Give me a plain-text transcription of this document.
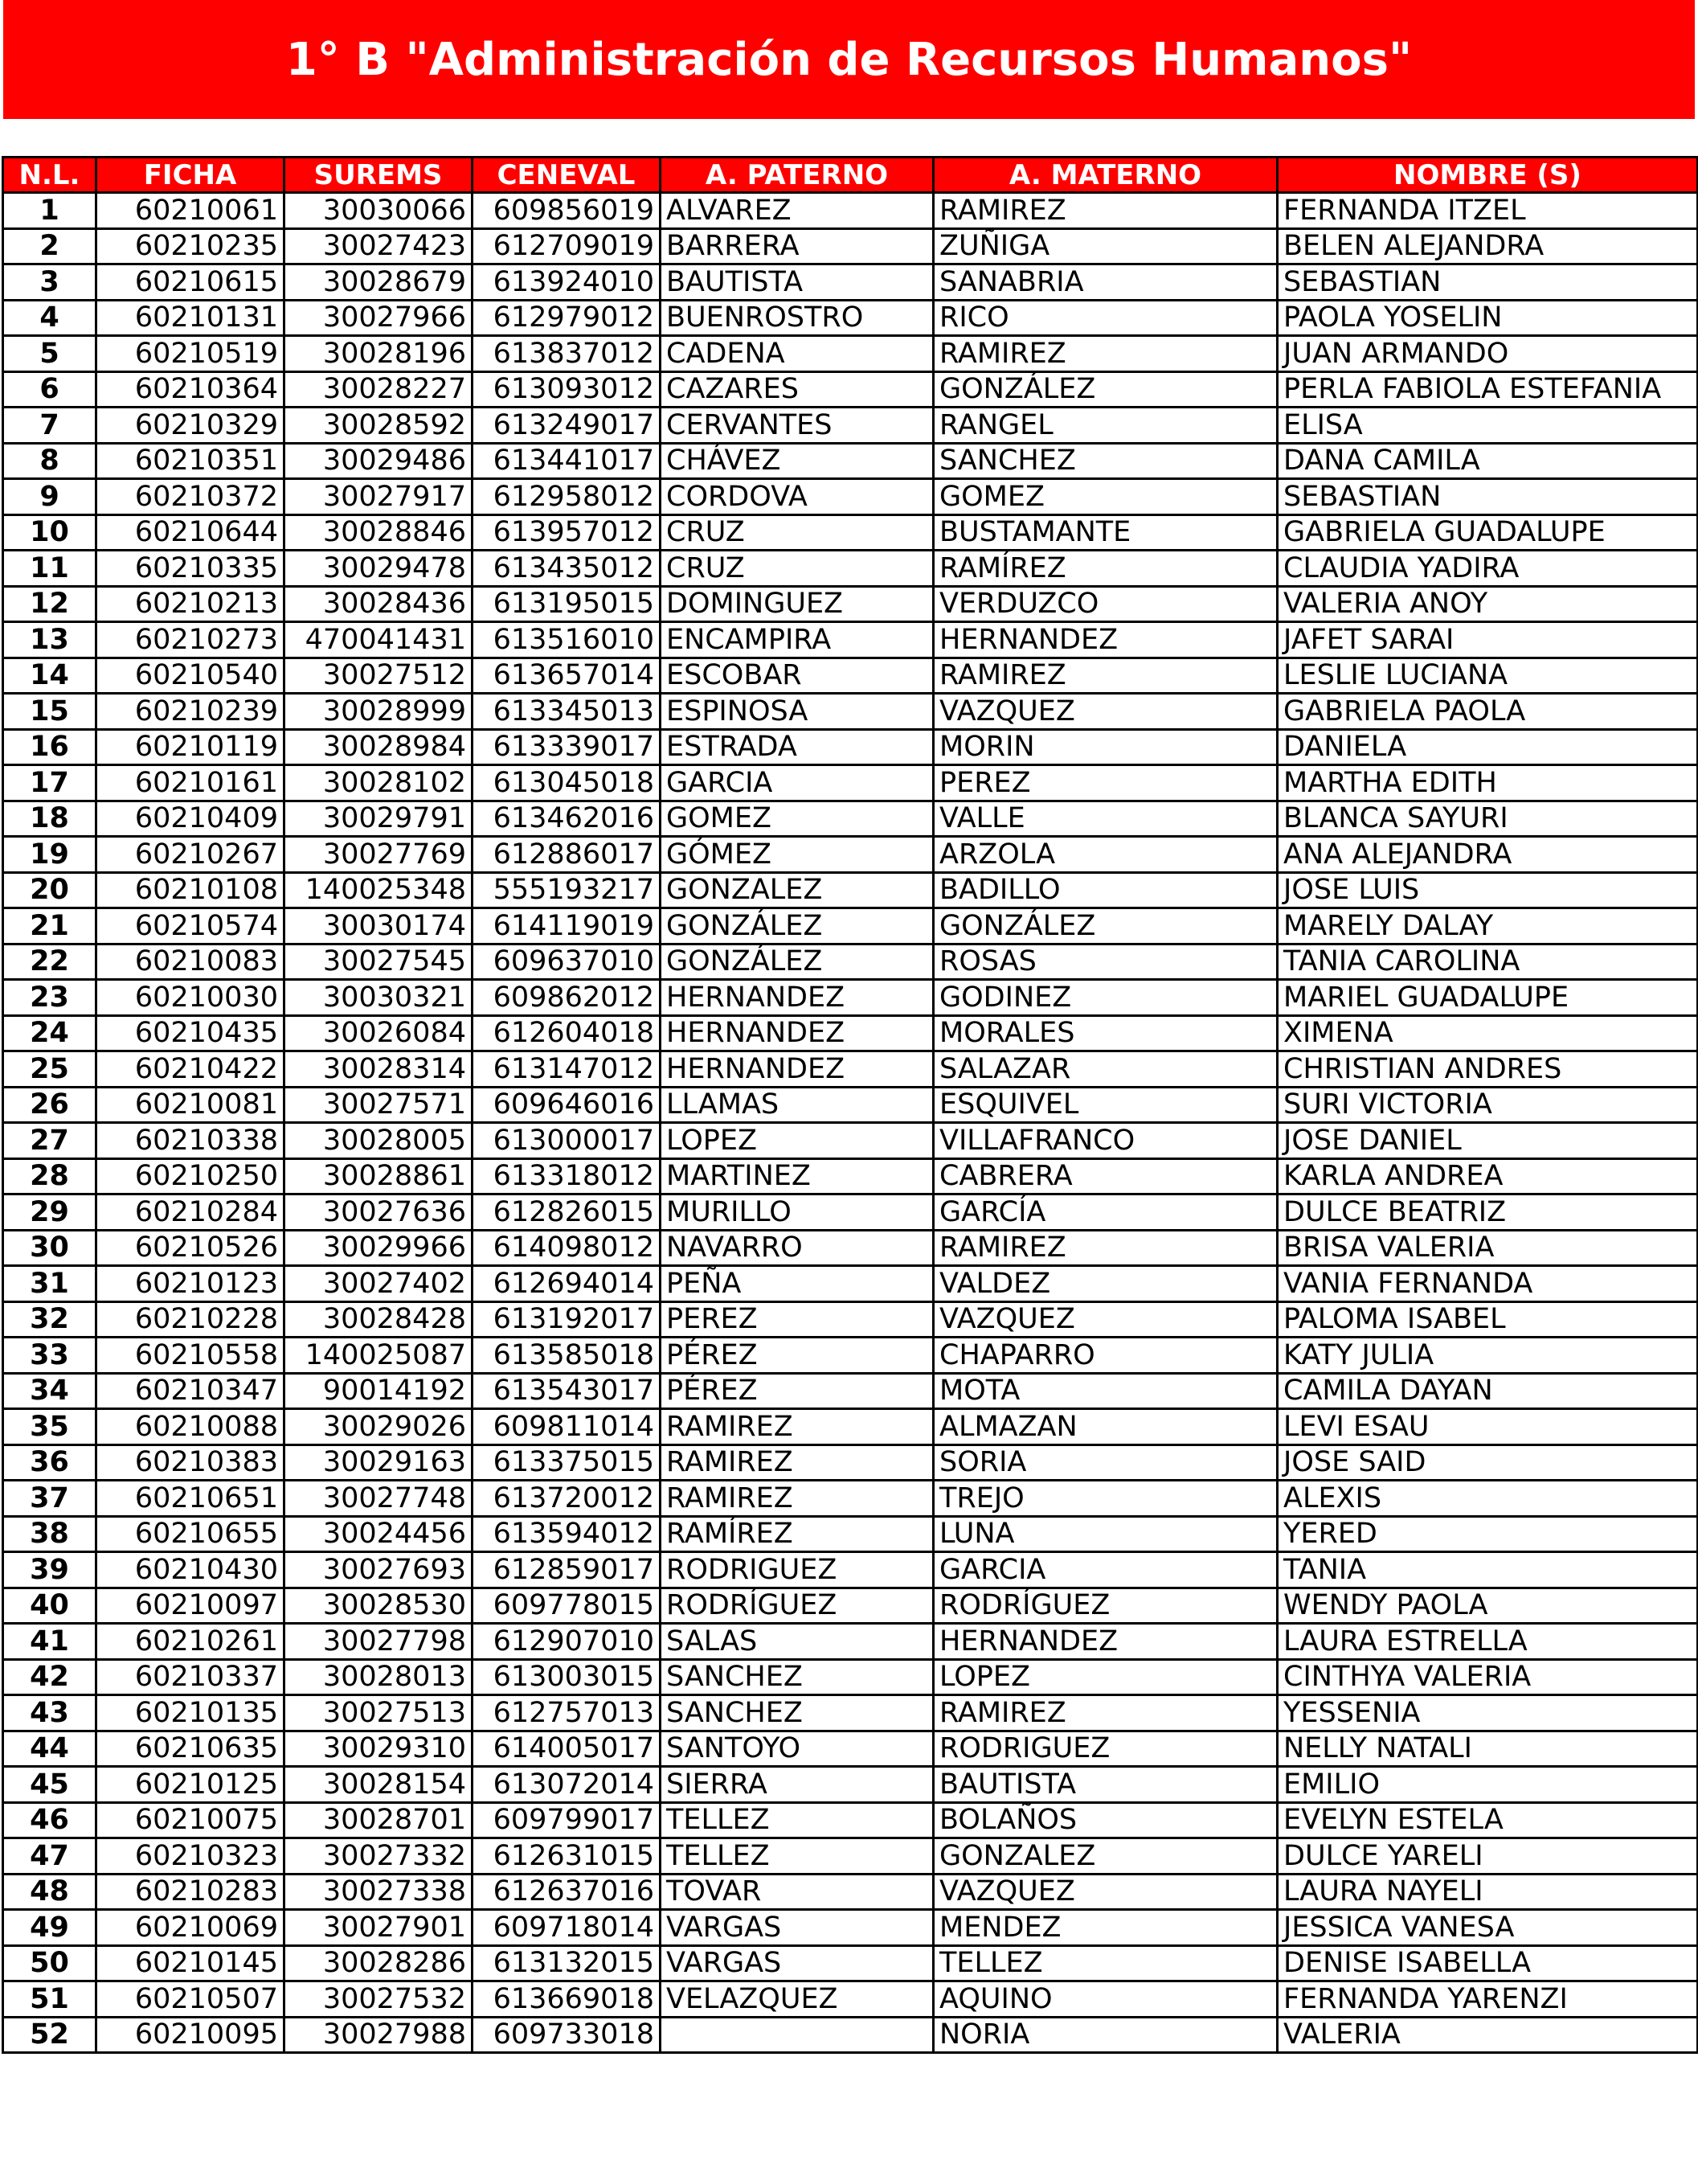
1° B "Administración de Recursos Humanos"
N.L.	FICHA	SUREMS	CENEVAL	A. PATERNO	A. MATERNO	NOMBRE (S)
1	60210061	30030066	609856019	ALVAREZ	RAMIREZ	FERNANDA ITZEL
2	60210235	30027423	612709019	BARRERA	ZUÑIGA	BELEN ALEJANDRA
3	60210615	30028679	613924010	BAUTISTA	SANABRIA	SEBASTIAN
4	60210131	30027966	612979012	BUENROSTRO	RICO	PAOLA YOSELIN
5	60210519	30028196	613837012	CADENA	RAMIREZ	JUAN ARMANDO
6	60210364	30028227	613093012	CAZARES	GONZÁLEZ	PERLA FABIOLA ESTEFANIA
7	60210329	30028592	613249017	CERVANTES	RANGEL	ELISA
8	60210351	30029486	613441017	CHÁVEZ	SANCHEZ	DANA CAMILA
9	60210372	30027917	612958012	CORDOVA	GOMEZ	SEBASTIAN
10	60210644	30028846	613957012	CRUZ	BUSTAMANTE	GABRIELA GUADALUPE
11	60210335	30029478	613435012	CRUZ	RAMÍREZ	CLAUDIA YADIRA
12	60210213	30028436	613195015	DOMINGUEZ	VERDUZCO	VALERIA ANOY
13	60210273	470041431	613516010	ENCAMPIRA	HERNANDEZ	JAFET SARAI
14	60210540	30027512	613657014	ESCOBAR	RAMIREZ	LESLIE LUCIANA
15	60210239	30028999	613345013	ESPINOSA	VAZQUEZ	GABRIELA PAOLA
16	60210119	30028984	613339017	ESTRADA	MORIN	DANIELA
17	60210161	30028102	613045018	GARCIA	PEREZ	MARTHA EDITH
18	60210409	30029791	613462016	GOMEZ	VALLE	BLANCA SAYURI
19	60210267	30027769	612886017	GÓMEZ	ARZOLA	ANA ALEJANDRA
20	60210108	140025348	555193217	GONZALEZ	BADILLO	JOSE LUIS
21	60210574	30030174	614119019	GONZÁLEZ	GONZÁLEZ	MARELY DALAY
22	60210083	30027545	609637010	GONZÁLEZ	ROSAS	TANIA CAROLINA
23	60210030	30030321	609862012	HERNANDEZ	GODINEZ	MARIEL GUADALUPE
24	60210435	30026084	612604018	HERNANDEZ	MORALES	XIMENA
25	60210422	30028314	613147012	HERNANDEZ	SALAZAR	CHRISTIAN ANDRES
26	60210081	30027571	609646016	LLAMAS	ESQUIVEL	SURI VICTORIA
27	60210338	30028005	613000017	LOPEZ	VILLAFRANCO	JOSE DANIEL
28	60210250	30028861	613318012	MARTINEZ	CABRERA	KARLA ANDREA
29	60210284	30027636	612826015	MURILLO	GARCÍA	DULCE BEATRIZ
30	60210526	30029966	614098012	NAVARRO	RAMIREZ	BRISA VALERIA
31	60210123	30027402	612694014	PEÑA	VALDEZ	VANIA FERNANDA
32	60210228	30028428	613192017	PEREZ	VAZQUEZ	PALOMA ISABEL
33	60210558	140025087	613585018	PÉREZ	CHAPARRO	KATY JULIA
34	60210347	90014192	613543017	PÉREZ	MOTA	CAMILA DAYAN
35	60210088	30029026	609811014	RAMIREZ	ALMAZAN	LEVI ESAU
36	60210383	30029163	613375015	RAMIREZ	SORIA	JOSE SAID
37	60210651	30027748	613720012	RAMIREZ	TREJO	ALEXIS
38	60210655	30024456	613594012	RAMÍREZ	LUNA	YERED
39	60210430	30027693	612859017	RODRIGUEZ	GARCIA	TANIA
40	60210097	30028530	609778015	RODRÍGUEZ	RODRÍGUEZ	WENDY PAOLA
41	60210261	30027798	612907010	SALAS	HERNANDEZ	LAURA ESTRELLA
42	60210337	30028013	613003015	SANCHEZ	LOPEZ	CINTHYA VALERIA
43	60210135	30027513	612757013	SANCHEZ	RAMIREZ	YESSENIA
44	60210635	30029310	614005017	SANTOYO	RODRIGUEZ	NELLY NATALI
45	60210125	30028154	613072014	SIERRA	BAUTISTA	EMILIO
46	60210075	30028701	609799017	TELLEZ	BOLAÑOS	EVELYN ESTELA
47	60210323	30027332	612631015	TELLEZ	GONZALEZ	DULCE YARELI
48	60210283	30027338	612637016	TOVAR	VAZQUEZ	LAURA NAYELI
49	60210069	30027901	609718014	VARGAS	MENDEZ	JESSICA VANESA
50	60210145	30028286	613132015	VARGAS	TELLEZ	DENISE ISABELLA
51	60210507	30027532	613669018	VELAZQUEZ	AQUINO	FERNANDA YARENZI
52	60210095	30027988	609733018		NORIA	VALERIA
